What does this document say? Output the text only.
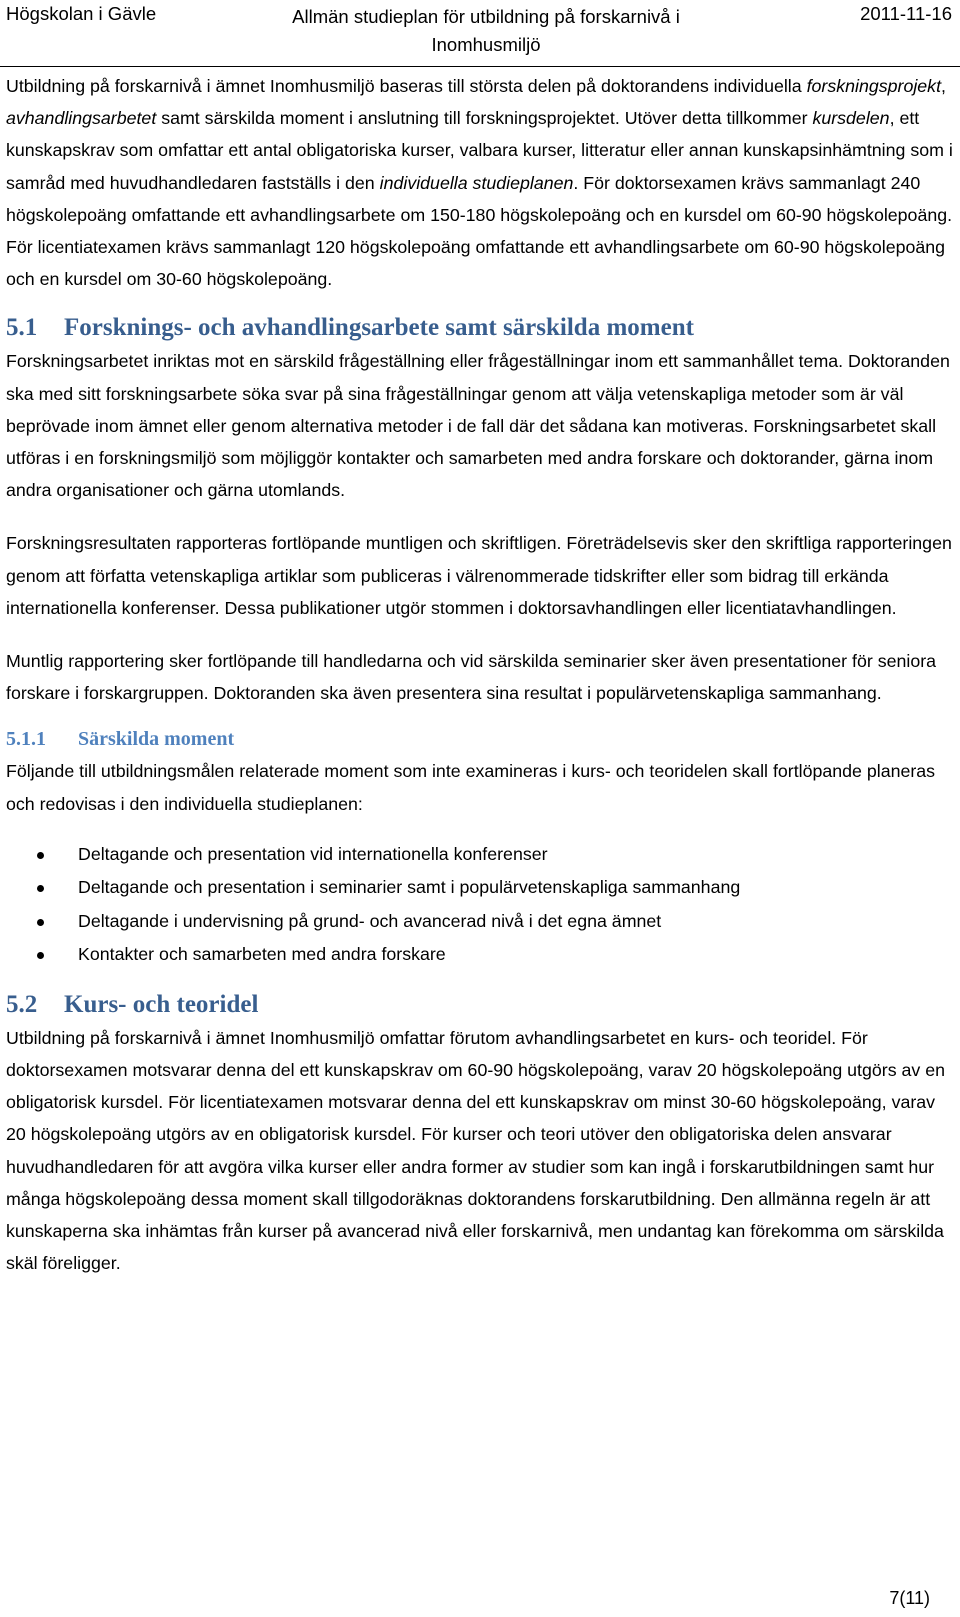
Högskolan i Gävle	Allmän studieplan för utbildning på forskarnivå i Inomhusmiljö
2011-11-16

Utbildning på forskarnivå i ämnet Inomhusmiljö baseras till största delen på doktorandens individuella forskningsprojekt, avhandlingsarbetet samt särskilda moment i anslutning till forskningsprojektet. Utöver detta tillkommer kursdelen, ett kunskapskrav som omfattar ett antal obligatoriska kurser, valbara kurser, litteratur eller annan kunskapsinhämtning som i samråd med huvudhandledaren fastställs i den individuella studieplanen. För doktorsexamen krävs sammanlagt 240 högskolepoäng omfattande ett avhandlingsarbete om 150-180 högskolepoäng och en kursdel om 60-90 högskolepoäng. För licentiatexamen krävs sammanlagt 120 högskolepoäng omfattande ett avhandlingsarbete om 60-90 högskolepoäng och en kursdel om 30-60 högskolepoäng.

5.1 Forsknings- och avhandlingsarbete samt särskilda moment

Forskningsarbetet inriktas mot en särskild frågeställning eller frågeställningar inom ett sammanhållet tema. Doktoranden ska med sitt forskningsarbete söka svar på sina frågeställningar genom att välja vetenskapliga metoder som är väl beprövade inom ämnet eller genom alternativa metoder i de fall där det sådana kan motiveras. Forskningsarbetet skall utföras i en forskningsmiljö som möjliggör kontakter och samarbeten med andra forskare och doktorander, gärna inom andra organisationer och gärna utomlands.

Forskningsresultaten rapporteras fortlöpande muntligen och skriftligen. Företrädelsevis sker den skriftliga rapporteringen genom att författa vetenskapliga artiklar som publiceras i välrenommerade tidskrifter eller som bidrag till erkända internationella konferenser. Dessa publikationer utgör stommen i doktorsavhandlingen eller licentiatavhandlingen.

Muntlig rapportering sker fortlöpande till handledarna och vid särskilda seminarier sker även presentationer för seniora forskare i forskargruppen. Doktoranden ska även presentera sina resultat i populärvetenskapliga sammanhang.

5.1.1 Särskilda moment

Följande till utbildningsmålen relaterade moment som inte examineras i kurs- och teoridelen skall fortlöpande planeras och redovisas i den individuella studieplanen:

Deltagande och presentation vid internationella konferenser
Deltagande och presentation i seminarier samt i populärvetenskapliga sammanhang
Deltagande i undervisning på grund- och avancerad nivå i det egna ämnet
Kontakter och samarbeten med andra forskare
5.2 Kurs- och teoridel

Utbildning på forskarnivå i ämnet Inomhusmiljö omfattar förutom avhandlingsarbetet en kurs- och teoridel. För doktorsexamen motsvarar denna del ett kunskapskrav om 60-90 högskolepoäng, varav 20 högskolepoäng utgörs av en obligatorisk kursdel. För licentiatexamen motsvarar denna del ett kunskapskrav om minst 30-60 högskolepoäng, varav 20 högskolepoäng utgörs av en obligatorisk kursdel. För kurser och teori utöver den obligatoriska delen ansvarar huvudhandledaren för att avgöra vilka kurser eller andra former av studier som kan ingå i forskarutbildningen samt hur många högskolepoäng dessa moment skall tillgodoräknas doktorandens forskarutbildning. Den allmänna regeln är att kunskaperna ska inhämtas från kurser på avancerad nivå eller forskarnivå, men undantag kan förekomma om särskilda skäl föreligger.

7(11)
